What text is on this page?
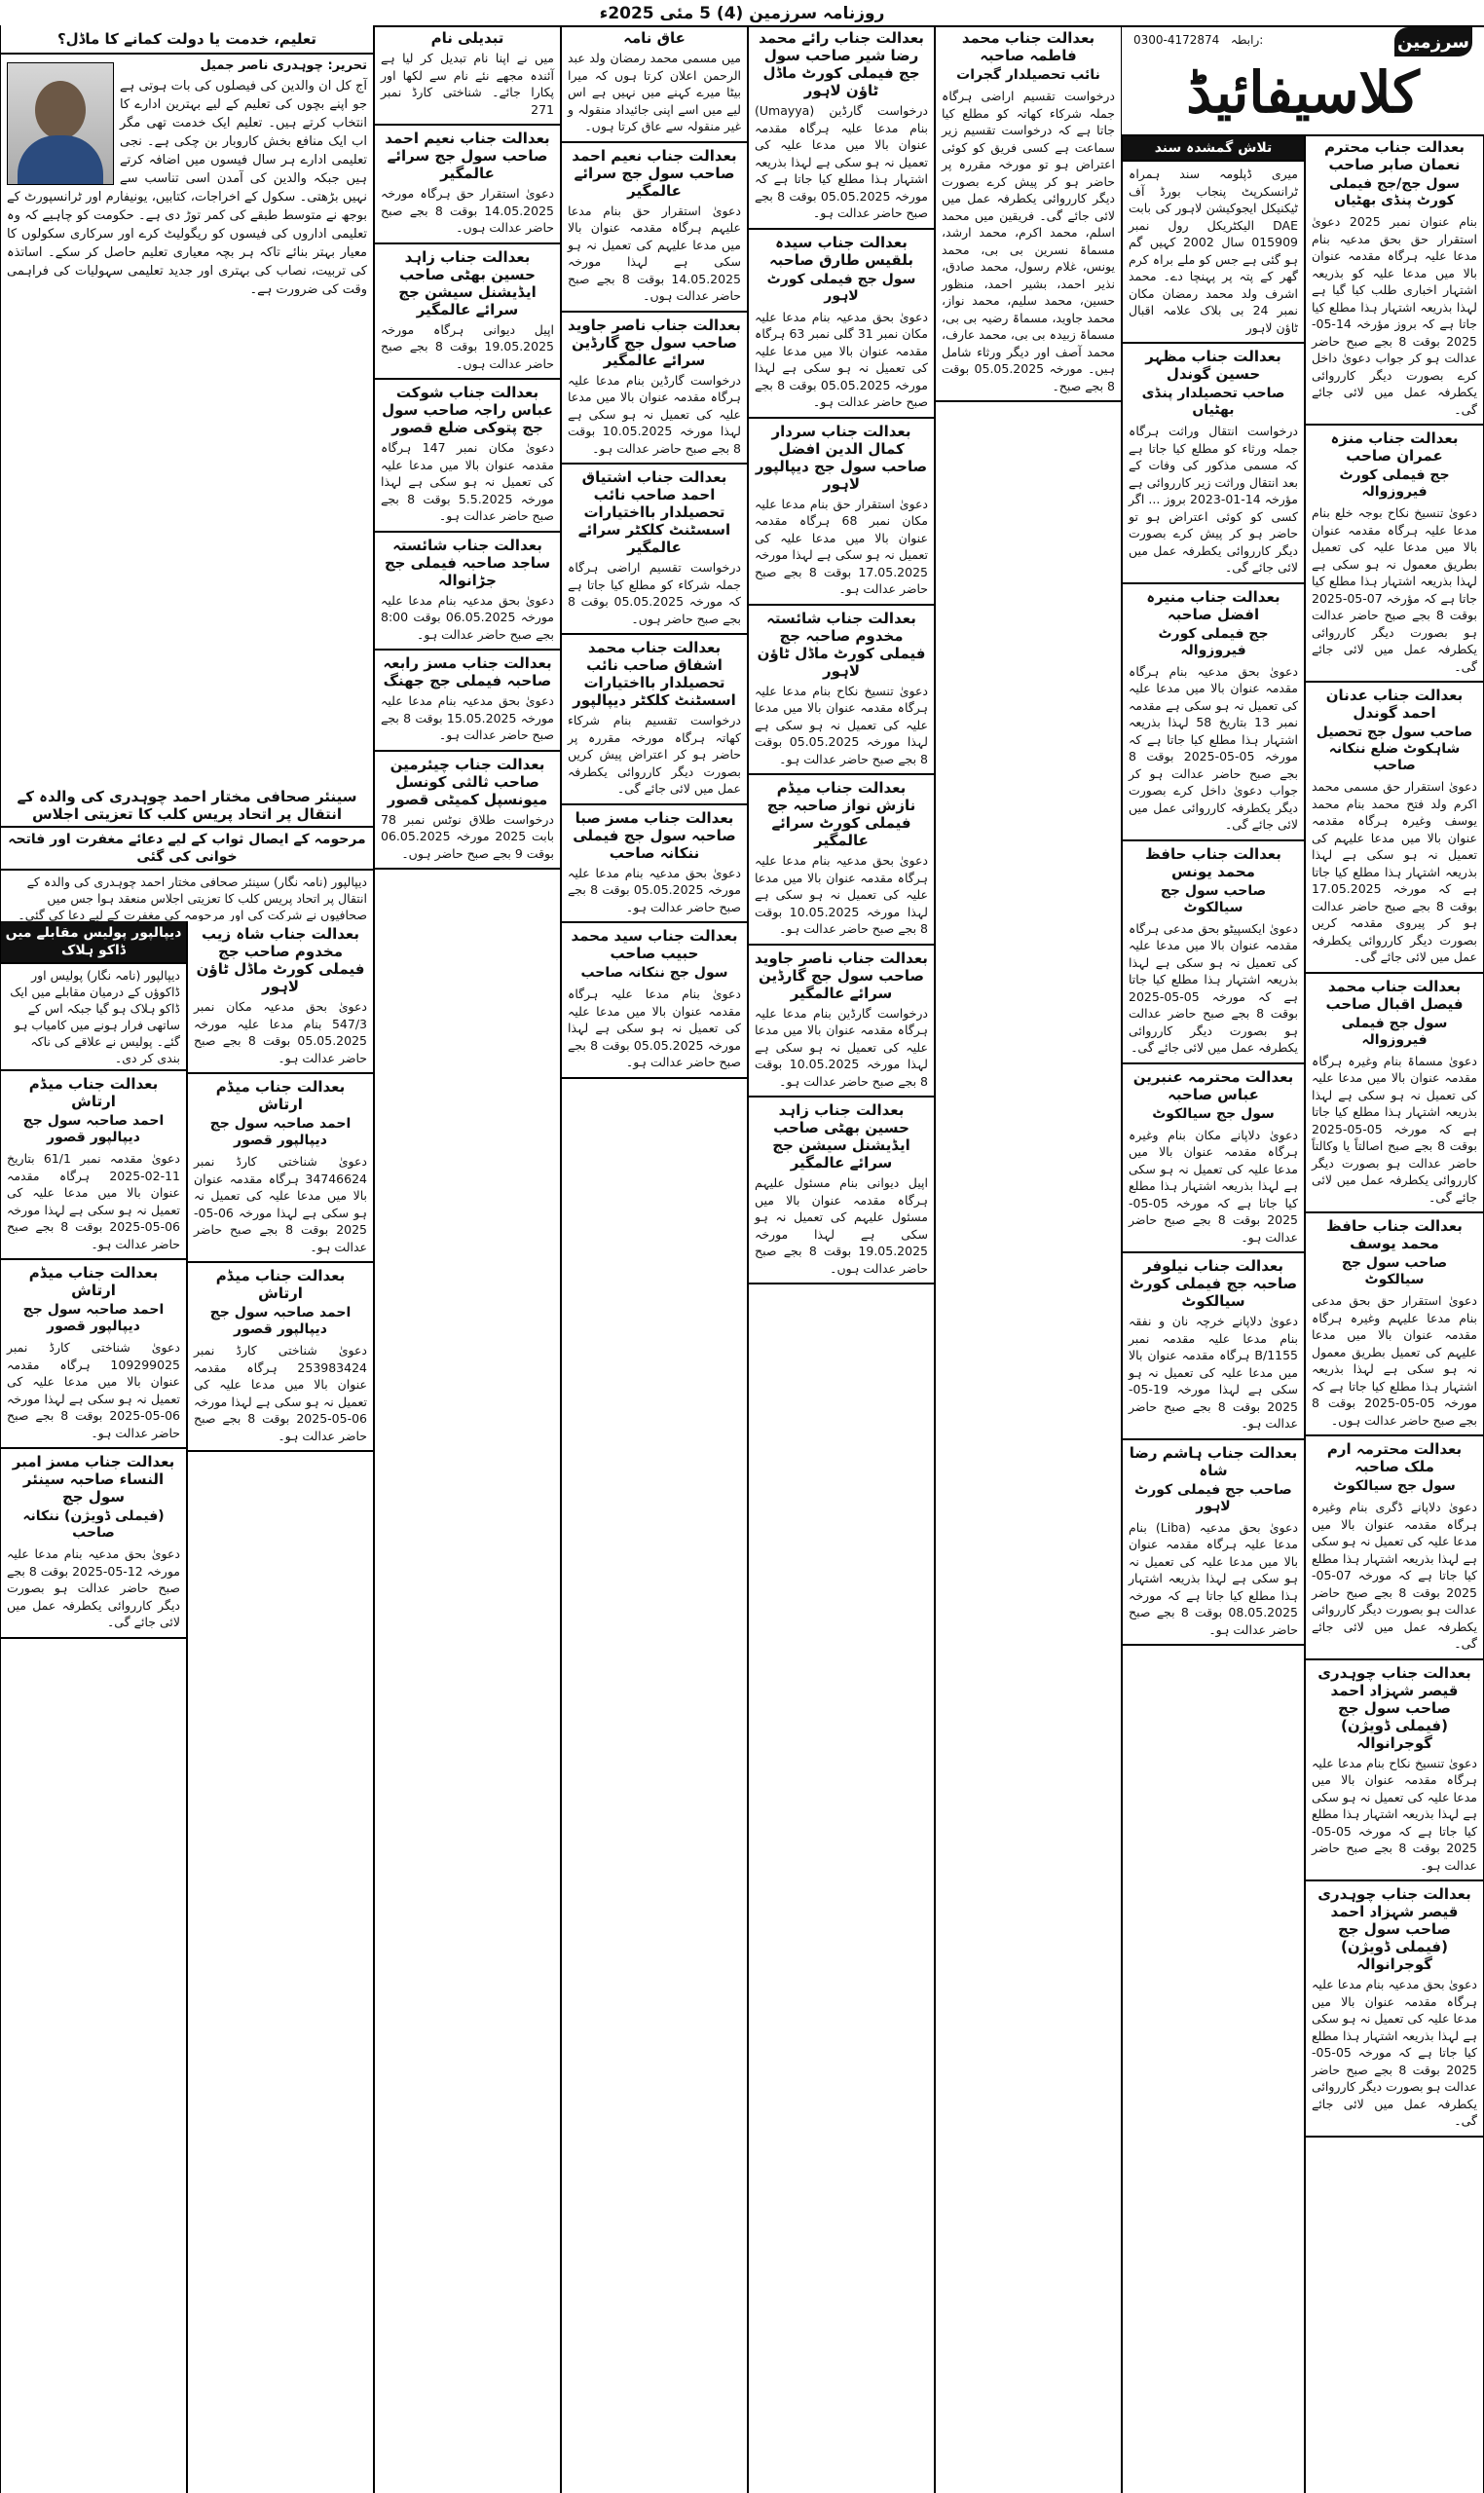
روزنامہ سرزمین (4) 5 مئی 2025ء
0300-4172874 رابطہ:	سرزمین
کلاسیفائیڈ
بعدالت جناب محترم نعمان صابر صاحب
سول جج/جج فیملی کورٹ پنڈی بھٹیاں

بنام عنوان نمبر 2025 دعویٰ استقرار حق بحق مدعیہ بنام مدعا علیہ ہرگاہ مقدمہ عنوان بالا میں مدعا علیہ کو بذریعہ اشتہار اخباری طلب کیا گیا ہے لہذا بذریعہ اشتہار ہذا مطلع کیا جاتا ہے کہ بروز مؤرخہ 14-05-2025 بوقت 8 بجے صبح حاضر عدالت ہو کر جواب دعویٰ داخل کرے بصورت دیگر کارروائی یکطرفہ عمل میں لائی جائے گی۔

بعدالت جناب منزہ عمران صاحب
جج فیملی کورٹ فیروزوالہ

دعویٰ تنسیخ نکاح بوجہ خلع بنام مدعا علیہ ہرگاہ مقدمہ عنوان بالا میں مدعا علیہ کی تعمیل بطریق معمول نہ ہو سکی ہے لہذا بذریعہ اشتہار ہذا مطلع کیا جاتا ہے کہ مؤرخہ 07-05-2025 بوقت 8 بجے صبح حاضر عدالت ہو بصورت دیگر کارروائی یکطرفہ عمل میں لائی جائے گی۔

بعدالت جناب عدنان احمد گوندل
صاحب سول جج تحصیل شاہکوٹ ضلع ننکانہ صاحب

دعویٰ استقرار حق مسمی محمد اکرم ولد فتح محمد بنام محمد یوسف وغیرہ ہرگاہ مقدمہ عنوان بالا میں مدعا علیہم کی تعمیل نہ ہو سکی ہے لہذا بذریعہ اشتہار ہذا مطلع کیا جاتا ہے کہ مورخہ 17.05.2025 بوقت 8 بجے صبح حاضر عدالت ہو کر پیروی مقدمہ کریں بصورت دیگر کارروائی یکطرفہ عمل میں لائی جائے گی۔

بعدالت جناب محمد فیصل اقبال صاحب
سول جج فیملی فیروزوالہ

دعویٰ مسماۃ بنام وغیرہ ہرگاہ مقدمہ عنوان بالا میں مدعا علیہ کی تعمیل نہ ہو سکی ہے لہذا بذریعہ اشتہار ہذا مطلع کیا جاتا ہے کہ مورخہ 05-05-2025 بوقت 8 بجے صبح اصالتاً یا وکالتاً حاضر عدالت ہو بصورت دیگر کارروائی یکطرفہ عمل میں لائی جائے گی۔

بعدالت جناب حافظ محمد یوسف
صاحب سول جج سیالکوٹ

دعویٰ استقرار حق بحق مدعی بنام مدعا علیہم وغیرہ ہرگاہ مقدمہ عنوان بالا میں مدعا علیہم کی تعمیل بطریق معمول نہ ہو سکی ہے لہذا بذریعہ اشتہار ہذا مطلع کیا جاتا ہے کہ مورخہ 05-05-2025 بوقت 8 بجے صبح حاضر عدالت ہوں۔

بعدالت محترمہ ارم ملک صاحبہ
سول جج سیالکوٹ

دعویٰ دلاپانے ڈگری بنام وغیرہ ہرگاہ مقدمہ عنوان بالا میں مدعا علیہ کی تعمیل نہ ہو سکی ہے لہذا بذریعہ اشتہار ہذا مطلع کیا جاتا ہے کہ مورخہ 07-05-2025 بوقت 8 بجے صبح حاضر عدالت ہو بصورت دیگر کارروائی یکطرفہ عمل میں لائی جائے گی۔

بعدالت جناب چوہدری قیصر شہزاد احمد صاحب سول جج (فیملی ڈویژن) گوجرانوالہ

دعویٰ تنسیخ نکاح بنام مدعا علیہ ہرگاہ مقدمہ عنوان بالا میں مدعا علیہ کی تعمیل نہ ہو سکی ہے لہذا بذریعہ اشتہار ہذا مطلع کیا جاتا ہے کہ مورخہ 05-05-2025 بوقت 8 بجے صبح حاضر عدالت ہو۔

بعدالت جناب چوہدری قیصر شہزاد احمد صاحب سول جج (فیملی ڈویژن) گوجرانوالہ

دعویٰ بحق مدعیہ بنام مدعا علیہ ہرگاہ مقدمہ عنوان بالا میں مدعا علیہ کی تعمیل نہ ہو سکی ہے لہذا بذریعہ اشتہار ہذا مطلع کیا جاتا ہے کہ مورخہ 05-05-2025 بوقت 8 بجے صبح حاضر عدالت ہو بصورت دیگر کارروائی یکطرفہ عمل میں لائی جائے گی۔

تلاش گمشدہ سند

میری ڈپلومہ سند ہمراہ ٹرانسکرپٹ پنجاب بورڈ آف ٹیکنیکل ایجوکیشن لاہور کی بابت DAE الیکٹریکل رول نمبر 015909 سال 2002 کہیں گم ہو گئی ہے جس کو ملے براہ کرم گھر کے پتہ پر پہنچا دے۔ محمد اشرف ولد محمد رمضان مکان نمبر 24 بی بلاک علامہ اقبال ٹاؤن لاہور

بعدالت جناب مظہر حسین گوندل
صاحب تحصیلدار پنڈی بھٹیاں

درخواست انتقال وراثت ہرگاہ جملہ ورثاء کو مطلع کیا جاتا ہے کہ مسمی مذکور کی وفات کے بعد انتقال وراثت زیر کارروائی ہے مؤرخہ 14-01-2023 بروز ... اگر کسی کو کوئی اعتراض ہو تو حاضر ہو کر پیش کرے بصورت دیگر کارروائی یکطرفہ عمل میں لائی جائے گی۔

بعدالت جناب منیرہ افضل صاحبہ
جج فیملی کورٹ فیروزوالہ

دعویٰ بحق مدعیہ بنام ہرگاہ مقدمہ عنوان بالا میں مدعا علیہ کی تعمیل نہ ہو سکی ہے مقدمہ نمبر 13 بتاریخ 58 لہذا بذریعہ اشتہار ہذا مطلع کیا جاتا ہے کہ مورخہ 05-05-2025 بوقت 8 بجے صبح حاضر عدالت ہو کر جواب دعویٰ داخل کرے بصورت دیگر یکطرفہ کارروائی عمل میں لائی جائے گی۔

بعدالت جناب حافظ محمد یونس
صاحب سول جج سیالکوٹ

دعویٰ ایکسپیٹو بحق مدعی ہرگاہ مقدمہ عنوان بالا میں مدعا علیہ کی تعمیل نہ ہو سکی ہے لہذا بذریعہ اشتہار ہذا مطلع کیا جاتا ہے کہ مورخہ 05-05-2025 بوقت 8 بجے صبح حاضر عدالت ہو بصورت دیگر کارروائی یکطرفہ عمل میں لائی جائے گی۔

بعدالت محترمہ عنبرین عباس صاحبہ
سول جج سیالکوٹ

دعویٰ دلاپانے مکان بنام وغیرہ ہرگاہ مقدمہ عنوان بالا میں مدعا علیہ کی تعمیل نہ ہو سکی ہے لہذا بذریعہ اشتہار ہذا مطلع کیا جاتا ہے کہ مورخہ 05-05-2025 بوقت 8 بجے صبح حاضر عدالت ہو۔

بعدالت جناب نیلوفر صاحبہ جج فیملی کورٹ سیالکوٹ

دعویٰ دلاپانے خرچہ نان و نفقہ بنام مدعا علیہ مقدمہ نمبر 1155/B ہرگاہ مقدمہ عنوان بالا میں مدعا علیہ کی تعمیل نہ ہو سکی ہے لہذا مورخہ 19-05-2025 بوقت 8 بجے صبح حاضر عدالت ہو۔

بعدالت جناب ہاشم رضا شاہ
صاحب جج فیملی کورٹ لاہور

دعویٰ بحق مدعیہ (Liba) بنام مدعا علیہ ہرگاہ مقدمہ عنوان بالا میں مدعا علیہ کی تعمیل نہ ہو سکی ہے لہذا بذریعہ اشتہار ہذا مطلع کیا جاتا ہے کہ مورخہ 08.05.2025 بوقت 8 بجے صبح حاضر عدالت ہو۔

بعدالت جناب محمد فاطمہ صاحبہ
نائب تحصیلدار گجرات

درخواست تقسیم اراضی ہرگاہ جملہ شرکاء کھاتہ کو مطلع کیا جاتا ہے کہ درخواست تقسیم زیر سماعت ہے کسی فریق کو کوئی اعتراض ہو تو مورخہ مقررہ پر حاضر ہو کر پیش کرے بصورت دیگر کارروائی یکطرفہ عمل میں لائی جائے گی۔ فریقین میں محمد اسلم، محمد اکرم، محمد ارشد، مسماۃ نسرین بی بی، محمد یونس، غلام رسول، محمد صادق، نذیر احمد، بشیر احمد، منظور حسین، محمد سلیم، محمد نواز، محمد جاوید، مسماۃ رضیہ بی بی، مسماۃ زبیدہ بی بی، محمد عارف، محمد آصف اور دیگر ورثاء شامل ہیں۔ مورخہ 05.05.2025 بوقت 8 بجے صبح۔

بعدالت جناب رائے محمد رضا شیر صاحب سول جج فیملی کورٹ ماڈل ٹاؤن لاہور

درخواست گارڈین (Umayya) بنام مدعا علیہ ہرگاہ مقدمہ عنوان بالا میں مدعا علیہ کی تعمیل نہ ہو سکی ہے لہذا بذریعہ اشتہار ہذا مطلع کیا جاتا ہے کہ مورخہ 05.05.2025 بوقت 8 بجے صبح حاضر عدالت ہو۔

بعدالت جناب سیدہ بلقیس طارق صاحبہ
سول جج فیملی کورٹ لاہور

دعویٰ بحق مدعیہ بنام مدعا علیہ مکان نمبر 31 گلی نمبر 63 ہرگاہ مقدمہ عنوان بالا میں مدعا علیہ کی تعمیل نہ ہو سکی ہے لہذا مورخہ 05.05.2025 بوقت 8 بجے صبح حاضر عدالت ہو۔

بعدالت جناب سردار کمال الدین افضل صاحب سول جج دیپالپور لاہور

دعویٰ استقرار حق بنام مدعا علیہ مکان نمبر 68 ہرگاہ مقدمہ عنوان بالا میں مدعا علیہ کی تعمیل نہ ہو سکی ہے لہذا مورخہ 17.05.2025 بوقت 8 بجے صبح حاضر عدالت ہو۔

بعدالت جناب شائستہ مخدوم صاحبہ جج فیملی کورٹ ماڈل ٹاؤن لاہور

دعویٰ تنسیخ نکاح بنام مدعا علیہ ہرگاہ مقدمہ عنوان بالا میں مدعا علیہ کی تعمیل نہ ہو سکی ہے لہذا مورخہ 05.05.2025 بوقت 8 بجے صبح حاضر عدالت ہو۔

بعدالت جناب میڈم نازش نواز صاحبہ جج فیملی کورٹ سرائے عالمگیر

دعویٰ بحق مدعیہ بنام مدعا علیہ ہرگاہ مقدمہ عنوان بالا میں مدعا علیہ کی تعمیل نہ ہو سکی ہے لہذا مورخہ 10.05.2025 بوقت 8 بجے صبح حاضر عدالت ہو۔

بعدالت جناب ناصر جاوید صاحب سول جج گارڈین سرائے عالمگیر

درخواست گارڈین بنام مدعا علیہ ہرگاہ مقدمہ عنوان بالا میں مدعا علیہ کی تعمیل نہ ہو سکی ہے لہذا مورخہ 10.05.2025 بوقت 8 بجے صبح حاضر عدالت ہو۔

بعدالت جناب زاہد حسین بھٹی صاحب ایڈیشنل سیشن جج سرائے عالمگیر

اپیل دیوانی بنام مسئول علیہم ہرگاہ مقدمہ عنوان بالا میں مسئول علیہم کی تعمیل نہ ہو سکی ہے لہذا مورخہ 19.05.2025 بوقت 8 بجے صبح حاضر عدالت ہوں۔

عاق نامہ

میں مسمی محمد رمضان ولد عبد الرحمن اعلان کرتا ہوں کہ میرا بیٹا میرے کہنے میں نہیں ہے اس لیے میں اسے اپنی جائیداد منقولہ و غیر منقولہ سے عاق کرتا ہوں۔

بعدالت جناب نعیم احمد صاحب سول جج سرائے عالمگیر

دعویٰ استقرار حق بنام مدعا علیہم ہرگاہ مقدمہ عنوان بالا میں مدعا علیہم کی تعمیل نہ ہو سکی ہے لہذا مورخہ 14.05.2025 بوقت 8 بجے صبح حاضر عدالت ہوں۔

بعدالت جناب ناصر جاوید صاحب سول جج گارڈین سرائے عالمگیر

درخواست گارڈین بنام مدعا علیہ ہرگاہ مقدمہ عنوان بالا میں مدعا علیہ کی تعمیل نہ ہو سکی ہے لہذا مورخہ 10.05.2025 بوقت 8 بجے صبح حاضر عدالت ہو۔

بعدالت جناب اشتیاق احمد صاحب نائب تحصیلدار بااختیارات اسسٹنٹ کلکٹر سرائے عالمگیر

درخواست تقسیم اراضی ہرگاہ جملہ شرکاء کو مطلع کیا جاتا ہے کہ مورخہ 05.05.2025 بوقت 8 بجے صبح حاضر ہوں۔

بعدالت جناب محمد اشفاق صاحب نائب تحصیلدار بااختیارات اسسٹنٹ کلکٹر دیپالپور

درخواست تقسیم بنام شرکاء کھاتہ ہرگاہ مورخہ مقررہ پر حاضر ہو کر اعتراض پیش کریں بصورت دیگر کارروائی یکطرفہ عمل میں لائی جائے گی۔

بعدالت جناب مسز صبا صاحبہ سول جج فیملی ننکانہ صاحب

دعویٰ بحق مدعیہ بنام مدعا علیہ مورخہ 05.05.2025 بوقت 8 بجے صبح حاضر عدالت ہو۔

بعدالت جناب سید محمد حبیب صاحب
سول جج ننکانہ صاحب

دعویٰ بنام مدعا علیہ ہرگاہ مقدمہ عنوان بالا میں مدعا علیہ کی تعمیل نہ ہو سکی ہے لہذا مورخہ 05.05.2025 بوقت 8 بجے صبح حاضر عدالت ہو۔

تبدیلی نام

میں نے اپنا نام تبدیل کر لیا ہے آئندہ مجھے نئے نام سے لکھا اور پکارا جائے۔ شناختی کارڈ نمبر 271

بعدالت جناب نعیم احمد صاحب سول جج سرائے عالمگیر

دعویٰ استقرار حق ہرگاہ مورخہ 14.05.2025 بوقت 8 بجے صبح حاضر عدالت ہوں۔

بعدالت جناب زاہد حسین بھٹی صاحب ایڈیشنل سیشن جج سرائے عالمگیر

اپیل دیوانی ہرگاہ مورخہ 19.05.2025 بوقت 8 بجے صبح حاضر عدالت ہوں۔

بعدالت جناب شوکت عباس راجہ صاحب سول جج پتوکی ضلع قصور

دعویٰ مکان نمبر 147 ہرگاہ مقدمہ عنوان بالا میں مدعا علیہ کی تعمیل نہ ہو سکی ہے لہذا مورخہ 5.5.2025 بوقت 8 بجے صبح حاضر عدالت ہو۔

بعدالت جناب شائستہ ساجد صاحبہ فیملی جج جڑانوالہ

دعویٰ بحق مدعیہ بنام مدعا علیہ مورخہ 06.05.2025 بوقت 8:00 بجے صبح حاضر عدالت ہو۔

بعدالت جناب مسز رابعہ صاحبہ فیملی جج جھنگ

دعویٰ بحق مدعیہ بنام مدعا علیہ مورخہ 15.05.2025 بوقت 8 بجے صبح حاضر عدالت ہو۔

بعدالت جناب چیئرمین صاحب ثالثی کونسل میونسپل کمیٹی قصور

درخواست طلاق نوٹس نمبر 78 بابت 2025 مورخہ 06.05.2025 بوقت 9 بجے صبح حاضر ہوں۔

تعلیم، خدمت یا دولت کمانے کا ماڈل؟

تحریر: چوہدری ناصر جمیل

آج کل ان والدین کی فیصلوں کی بات ہوتی ہے جو اپنے بچوں کی تعلیم کے لیے بہترین ادارے کا انتخاب کرتے ہیں۔ تعلیم ایک خدمت تھی مگر اب ایک منافع بخش کاروبار بن چکی ہے۔ نجی تعلیمی ادارے ہر سال فیسوں میں اضافہ کرتے ہیں جبکہ والدین کی آمدن اسی تناسب سے نہیں بڑھتی۔ سکول کے اخراجات، کتابیں، یونیفارم اور ٹرانسپورٹ کے بوجھ نے متوسط طبقے کی کمر توڑ دی ہے۔ حکومت کو چاہیے کہ وہ تعلیمی اداروں کی فیسوں کو ریگولیٹ کرے اور سرکاری سکولوں کا معیار بہتر بنائے تاکہ ہر بچہ معیاری تعلیم حاصل کر سکے۔ اساتذہ کی تربیت، نصاب کی بہتری اور جدید تعلیمی سہولیات کی فراہمی وقت کی ضرورت ہے۔

سینئر صحافی مختار احمد چوہدری کی والدہ کے انتقال پر اتحاد پریس کلب کا تعزیتی اجلاس
مرحومہ کے ایصال ثواب کے لیے دعائے مغفرت اور فاتحہ خوانی کی گئی
دیپالپور (نامہ نگار) سینئر صحافی مختار احمد چوہدری کی والدہ کے انتقال پر اتحاد پریس کلب کا تعزیتی اجلاس منعقد ہوا جس میں صحافیوں نے شرکت کی اور مرحومہ کی مغفرت کے لیے دعا کی گئی۔
بعدالت جناب شاہ زیب مخدوم صاحب جج فیملی کورٹ ماڈل ٹاؤن لاہور

دعویٰ بحق مدعیہ مکان نمبر 547/3 بنام مدعا علیہ مورخہ 05.05.2025 بوقت 8 بجے صبح حاضر عدالت ہو۔

بعدالت جناب میڈم ارتاش
احمد صاحبہ سول جج دیپالپور قصور

دعویٰ شناختی کارڈ نمبر 34746624 ہرگاہ مقدمہ عنوان بالا میں مدعا علیہ کی تعمیل نہ ہو سکی ہے لہذا مورخہ 06-05-2025 بوقت 8 بجے صبح حاضر عدالت ہو۔

بعدالت جناب میڈم ارتاش
احمد صاحبہ سول جج دیپالپور قصور

دعویٰ شناختی کارڈ نمبر 253983424 ہرگاہ مقدمہ عنوان بالا میں مدعا علیہ کی تعمیل نہ ہو سکی ہے لہذا مورخہ 06-05-2025 بوقت 8 بجے صبح حاضر عدالت ہو۔

دیپالپور پولیس مقابلے میں ڈاکو ہلاک
دیپالپور (نامہ نگار) پولیس اور ڈاکوؤں کے درمیان مقابلے میں ایک ڈاکو ہلاک ہو گیا جبکہ اس کے ساتھی فرار ہونے میں کامیاب ہو گئے۔ پولیس نے علاقے کی ناکہ بندی کر دی۔
بعدالت جناب میڈم ارتاش
احمد صاحبہ سول جج دیپالپور قصور

دعویٰ مقدمہ نمبر 61/1 بتاریخ 11-02-2025 ہرگاہ مقدمہ عنوان بالا میں مدعا علیہ کی تعمیل نہ ہو سکی ہے لہذا مورخہ 06-05-2025 بوقت 8 بجے صبح حاضر عدالت ہو۔

بعدالت جناب میڈم ارتاش
احمد صاحبہ سول جج دیپالپور قصور

دعویٰ شناختی کارڈ نمبر 109299025 ہرگاہ مقدمہ عنوان بالا میں مدعا علیہ کی تعمیل نہ ہو سکی ہے لہذا مورخہ 06-05-2025 بوقت 8 بجے صبح حاضر عدالت ہو۔

بعدالت جناب مسز امبر النساء صاحبہ سینئر سول جج
(فیملی ڈویژن) ننکانہ صاحب

دعویٰ بحق مدعیہ بنام مدعا علیہ مورخہ 12-05-2025 بوقت 8 بجے صبح حاضر عدالت ہو بصورت دیگر کارروائی یکطرفہ عمل میں لائی جائے گی۔
